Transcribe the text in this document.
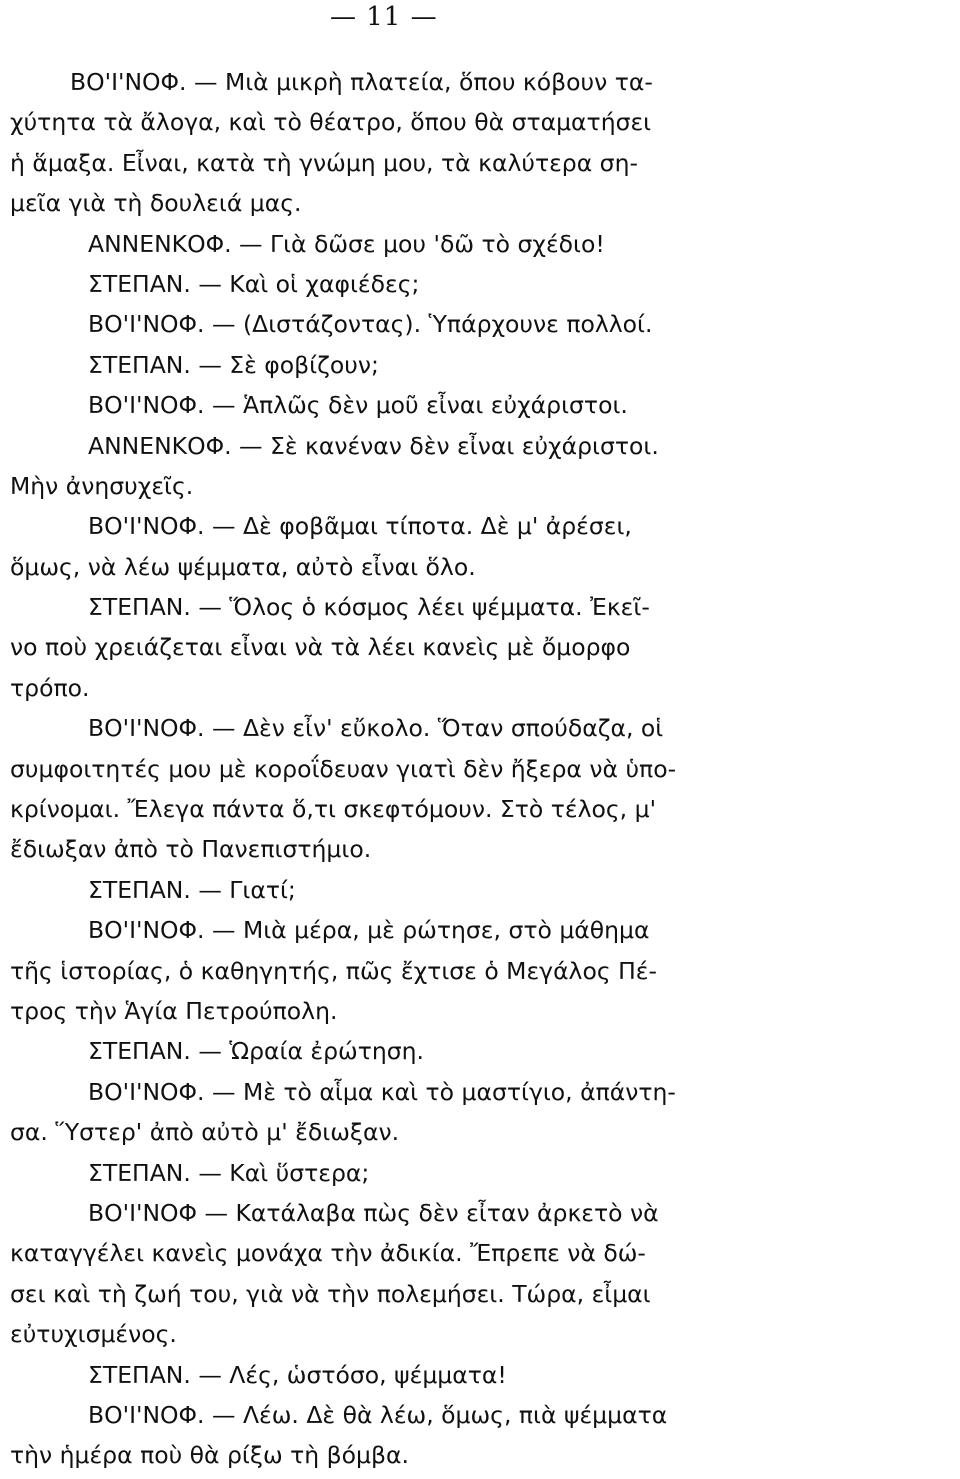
— 11 —
ΒΟ'Ι'ΝΟΦ. — Μιὰ μικρὴ πλατεία, ὅπου κόβουν τα-
χύτητα τὰ ἄλογα, καὶ τὸ θέατρο, ὅπου θὰ σταματήσει
ἡ ἅμαξα. Εἶναι, κατὰ τὴ γνώμη μου, τὰ καλύτερα ση-
μεῖα γιὰ τὴ δουλειά μας.
ΑΝΝΕΝΚΟΦ. — Γιὰ δῶσε μου 'δῶ τὸ σχέδιο!
ΣΤΕΠΑΝ. — Καὶ οἱ χαφιέδες;
ΒΟ'Ι'ΝΟΦ. — (Διστάζοντας). Ὑπάρχουνε πολλοί.
ΣΤΕΠΑΝ. — Σὲ φοβίζουν;
ΒΟ'Ι'ΝΟΦ. — Ἁπλῶς δὲν μοῦ εἶναι εὐχάριστοι.
ΑΝΝΕΝΚΟΦ. — Σὲ κανέναν δὲν εἶναι εὐχάριστοι.
Μὴν ἀνησυχεῖς.
ΒΟ'Ι'ΝΟΦ. — Δὲ φοβᾶμαι τίποτα. Δὲ μ' ἀρέσει,
ὅμως, νὰ λέω ψέμματα, αὐτὸ εἶναι ὅλο.
ΣΤΕΠΑΝ. — Ὅλος ὁ κόσμος λέει ψέμματα. Ἐκεῖ-
νο ποὺ χρειάζεται εἶναι νὰ τὰ λέει κανεὶς μὲ ὄμορφο
τρόπο.
ΒΟ'Ι'ΝΟΦ. — Δὲν εἶν' εὔκολο. Ὅταν σπούδαζα, οἱ
συμφοιτητές μου μὲ κοροΐδευαν γιατὶ δὲν ἤξερα νὰ ὑπο-
κρίνομαι. Ἔλεγα πάντα ὅ,τι σκεφτόμουν. Στὸ τέλος, μ'
ἔδιωξαν ἀπὸ τὸ Πανεπιστήμιο.
ΣΤΕΠΑΝ. — Γιατί;
ΒΟ'Ι'ΝΟΦ. — Μιὰ μέρα, μὲ ρώτησε, στὸ μάθημα
τῆς ἱστορίας, ὁ καθηγητής, πῶς ἔχτισε ὁ Μεγάλος Πέ-
τρος τὴν Ἁγία Πετρούπολη.
ΣΤΕΠΑΝ. — Ὡραία ἐρώτηση.
ΒΟ'Ι'ΝΟΦ. — Μὲ τὸ αἷμα καὶ τὸ μαστίγιο, ἀπάντη-
σα. Ὕστερ' ἀπὸ αὐτὸ μ' ἔδιωξαν.
ΣΤΕΠΑΝ. — Καὶ ὕστερα;
ΒΟ'Ι'ΝΟΦ — Κατάλαβα πὼς δὲν εἶταν ἀρκετὸ νὰ
καταγγέλει κανεὶς μονάχα τὴν ἀδικία. Ἔπρεπε νὰ δώ-
σει καὶ τὴ ζωή του, γιὰ νὰ τὴν πολεμήσει. Τώρα, εἶμαι
εὐτυχισμένος.
ΣΤΕΠΑΝ. — Λές, ὡστόσο, ψέμματα!
ΒΟ'Ι'ΝΟΦ. — Λέω. Δὲ θὰ λέω, ὅμως, πιὰ ψέμματα
τὴν ἡμέρα ποὺ θὰ ρίξω τὴ βόμβα.
